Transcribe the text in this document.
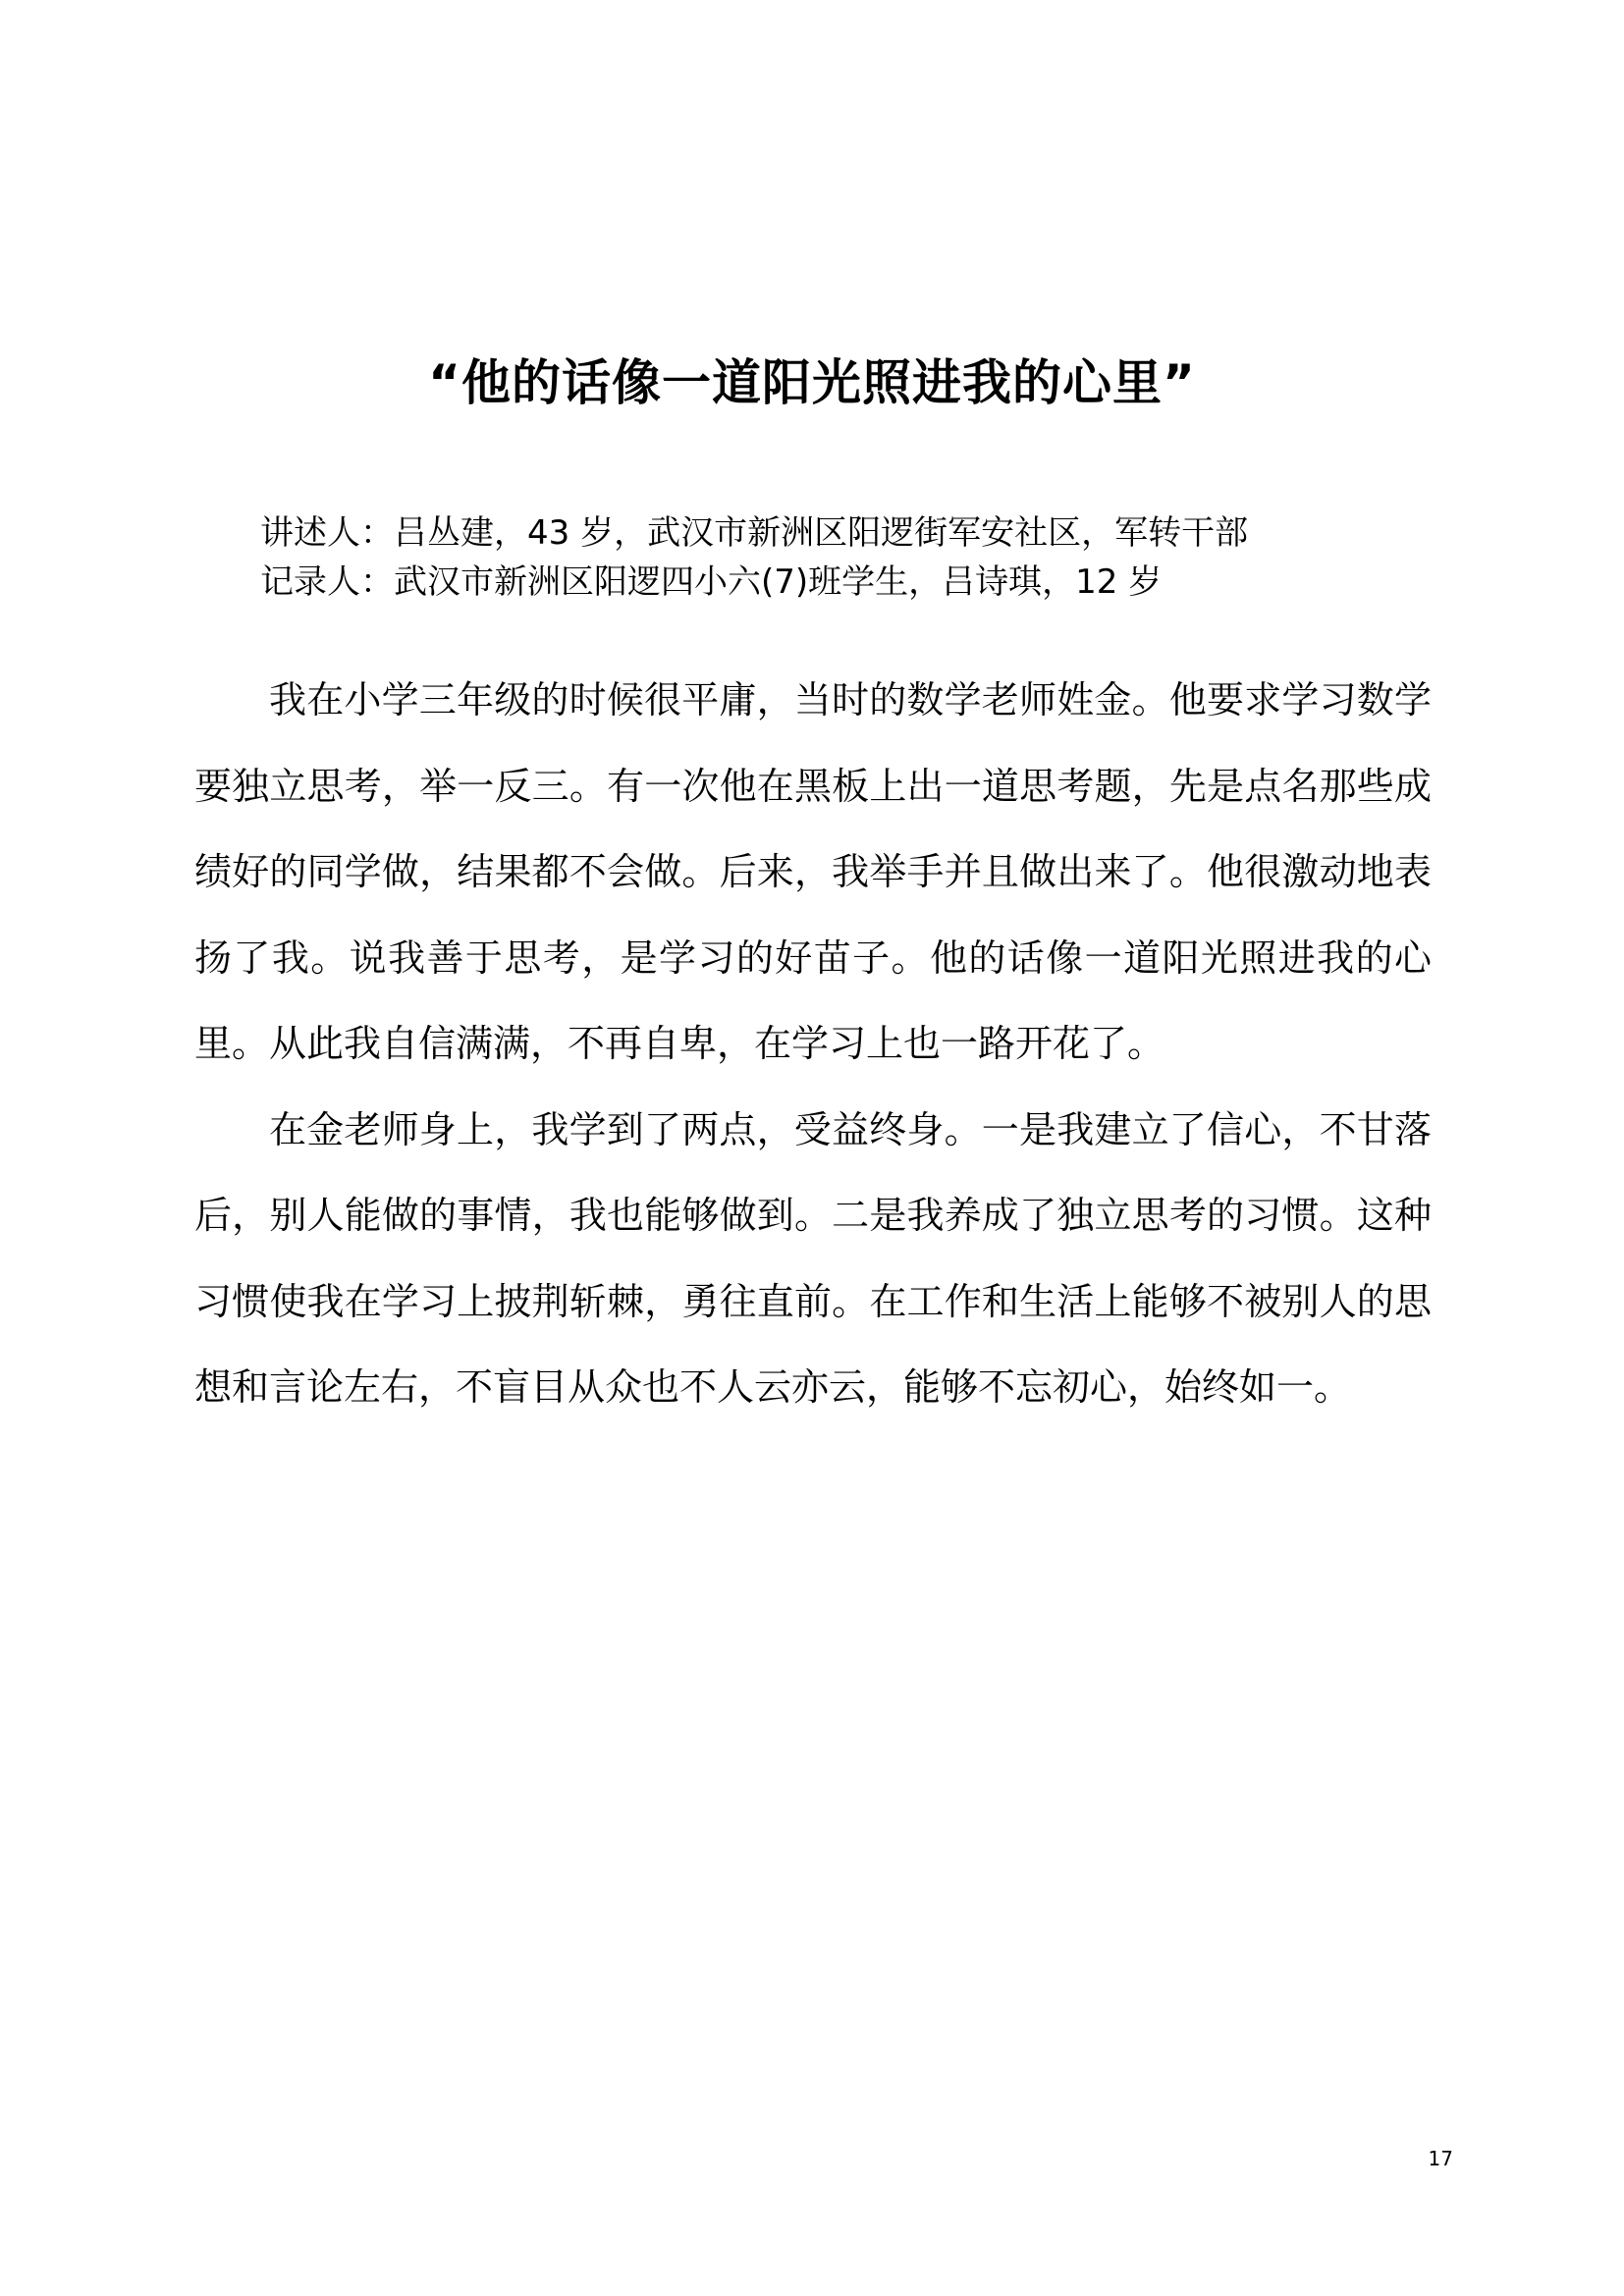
“他的话像一道阳光照进我的心里”
讲述人：吕丛建，43 岁，武汉市新洲区阳逻街军安社区，军转干部
记录人：武汉市新洲区阳逻四小六(7)班学生，吕诗琪，12 岁

我在小学三年级的时候很平庸，当时的数学老师姓金。他要求学习数学要独立思考，举一反三。有一次他在黑板上出一道思考题，先是点名那些成绩好的同学做，结果都不会做。后来，我举手并且做出来了。他很激动地表扬了我。说我善于思考，是学习的好苗子。他的话像一道阳光照进我的心里。从此我自信满满，不再自卑，在学习上也一路开花了。

在金老师身上，我学到了两点，受益终身。一是我建立了信心，不甘落后，别人能做的事情，我也能够做到。二是我养成了独立思考的习惯。这种习惯使我在学习上披荆斩棘，勇往直前。在工作和生活上能够不被别人的思想和言论左右，不盲目从众也不人云亦云，能够不忘初心，始终如一。

17
